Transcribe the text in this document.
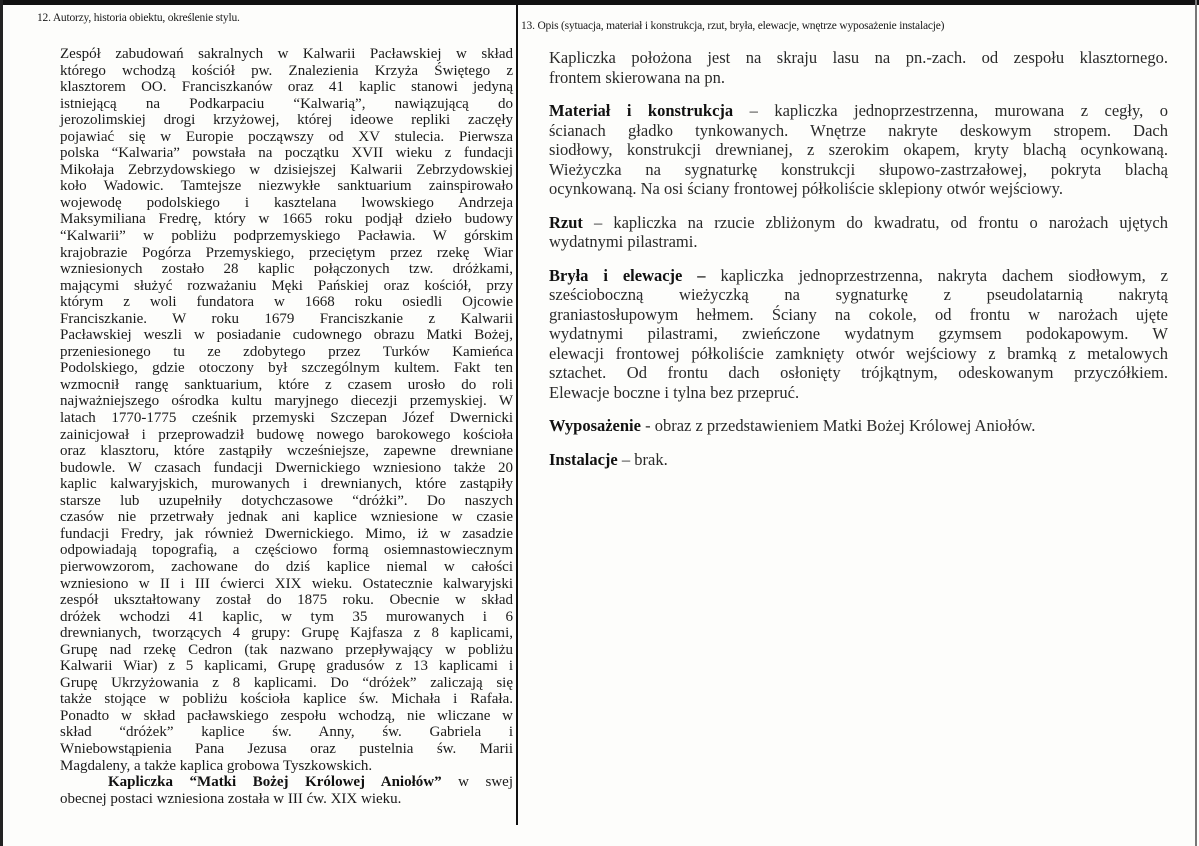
12. Autorzy, historia obiektu, określenie stylu.
13. Opis (sytuacja, materiał i konstrukcja, rzut, bryła, elewacje, wnętrze wyposażenie instalacje)
Zespół zabudowań sakralnych w Kalwarii Pacławskiej w skład
którego wchodzą kościół pw. Znalezienia Krzyża Świętego z
klasztorem OO. Franciszkanów oraz 41 kaplic stanowi jedyną
istniejącą na Podkarpaciu “Kalwarią”, nawiązującą do
jerozolimskiej drogi krzyżowej, której ideowe repliki zaczęły
pojawiać się w Europie począwszy od XV stulecia. Pierwsza
polska “Kalwaria” powstała na początku XVII wieku z fundacji
Mikołaja Zebrzydowskiego w dzisiejszej Kalwarii Zebrzydowskiej
koło Wadowic. Tamtejsze niezwykłe sanktuarium zainspirowało
wojewodę podolskiego i kasztelana lwowskiego Andrzeja
Maksymiliana Fredrę, który w 1665 roku podjął dzieło budowy
“Kalwarii” w pobliżu podprzemyskiego Pacławia. W górskim
krajobrazie Pogórza Przemyskiego, przeciętym przez rzekę Wiar
wzniesionych zostało 28 kaplic połączonych tzw. dróżkami,
mającymi służyć rozważaniu Męki Pańskiej oraz kościół, przy
którym z woli fundatora w 1668 roku osiedli Ojcowie
Franciszkanie. W roku 1679 Franciszkanie z Kalwarii
Pacławskiej weszli w posiadanie cudownego obrazu Matki Bożej,
przeniesionego tu ze zdobytego przez Turków Kamieńca
Podolskiego, gdzie otoczony był szczególnym kultem. Fakt ten
wzmocnił rangę sanktuarium, które z czasem urosło do roli
najważniejszego ośrodka kultu maryjnego diecezji przemyskiej. W
latach 1770-1775 cześnik przemyski Szczepan Józef Dwernicki
zainicjował i przeprowadził budowę nowego barokowego kościoła
oraz klasztoru, które zastąpiły wcześniejsze, zapewne drewniane
budowle. W czasach fundacji Dwernickiego wzniesiono także 20
kaplic kalwaryjskich, murowanych i drewnianych, które zastąpiły
starsze lub uzupełniły dotychczasowe “dróżki”. Do naszych
czasów nie przetrwały jednak ani kaplice wzniesione w czasie
fundacji Fredry, jak również Dwernickiego. Mimo, iż w zasadzie
odpowiadają topografią, a częściowo formą osiemnastowiecznym
pierwowzorom, zachowane do dziś kaplice niemal w całości
wzniesiono w II i III ćwierci XIX wieku. Ostatecznie kalwaryjski
zespół ukształtowany został do 1875 roku. Obecnie w skład
dróżek wchodzi 41 kaplic, w tym 35 murowanych i 6
drewnianych, tworzących 4 grupy: Grupę Kajfasza z 8 kaplicami,
Grupę nad rzekę Cedron (tak nazwano przepływający w pobliżu
Kalwarii Wiar) z 5 kaplicami, Grupę gradusów z 13 kaplicami i
Grupę Ukrzyżowania z 8 kaplicami. Do “dróżek” zaliczają się
także stojące w pobliżu kościoła kaplice św. Michała i Rafała.
Ponadto w skład pacławskiego zespołu wchodzą, nie wliczane w
skład “dróżek” kaplice św. Anny, św. Gabriela i
Wniebowstąpienia Pana Jezusa oraz pustelnia św. Marii
Magdaleny, a także kaplica grobowa Tyszkowskich.
Kapliczka “Matki Bożej Królowej Aniołów” w swej
obecnej postaci wzniesiona została w III ćw. XIX wieku.
Kapliczka położona jest na skraju lasu na pn.-zach. od zespołu klasztornego.
frontem skierowana na pn.
Materiał i konstrukcja – kapliczka jednoprzestrzenna, murowana z cegły, o
ścianach gładko tynkowanych. Wnętrze nakryte deskowym stropem. Dach
siodłowy, konstrukcji drewnianej, z szerokim okapem, kryty blachą ocynkowaną.
Wieżyczka na sygnaturkę konstrukcji słupowo-zastrzałowej, pokryta blachą
ocynkowaną. Na osi ściany frontowej półkoliście sklepiony otwór wejściowy.
Rzut – kapliczka na rzucie zbliżonym do kwadratu, od frontu o narożach ujętych
wydatnymi pilastrami.
Bryła i elewacje – kapliczka jednoprzestrzenna, nakryta dachem siodłowym, z
sześcioboczną wieżyczką na sygnaturkę z pseudolatarnią nakrytą
graniastosłupowym hełmem. Ściany na cokole, od frontu w narożach ujęte
wydatnymi pilastrami, zwieńczone wydatnym gzymsem podokapowym. W
elewacji frontowej półkoliście zamknięty otwór wejściowy z bramką z metalowych
sztachet. Od frontu dach osłonięty trójkątnym, odeskowanym przyczółkiem.
Elewacje boczne i tylna bez przepruć.
Wyposażenie - obraz z przedstawieniem Matki Bożej Królowej Aniołów.
Instalacje – brak.
